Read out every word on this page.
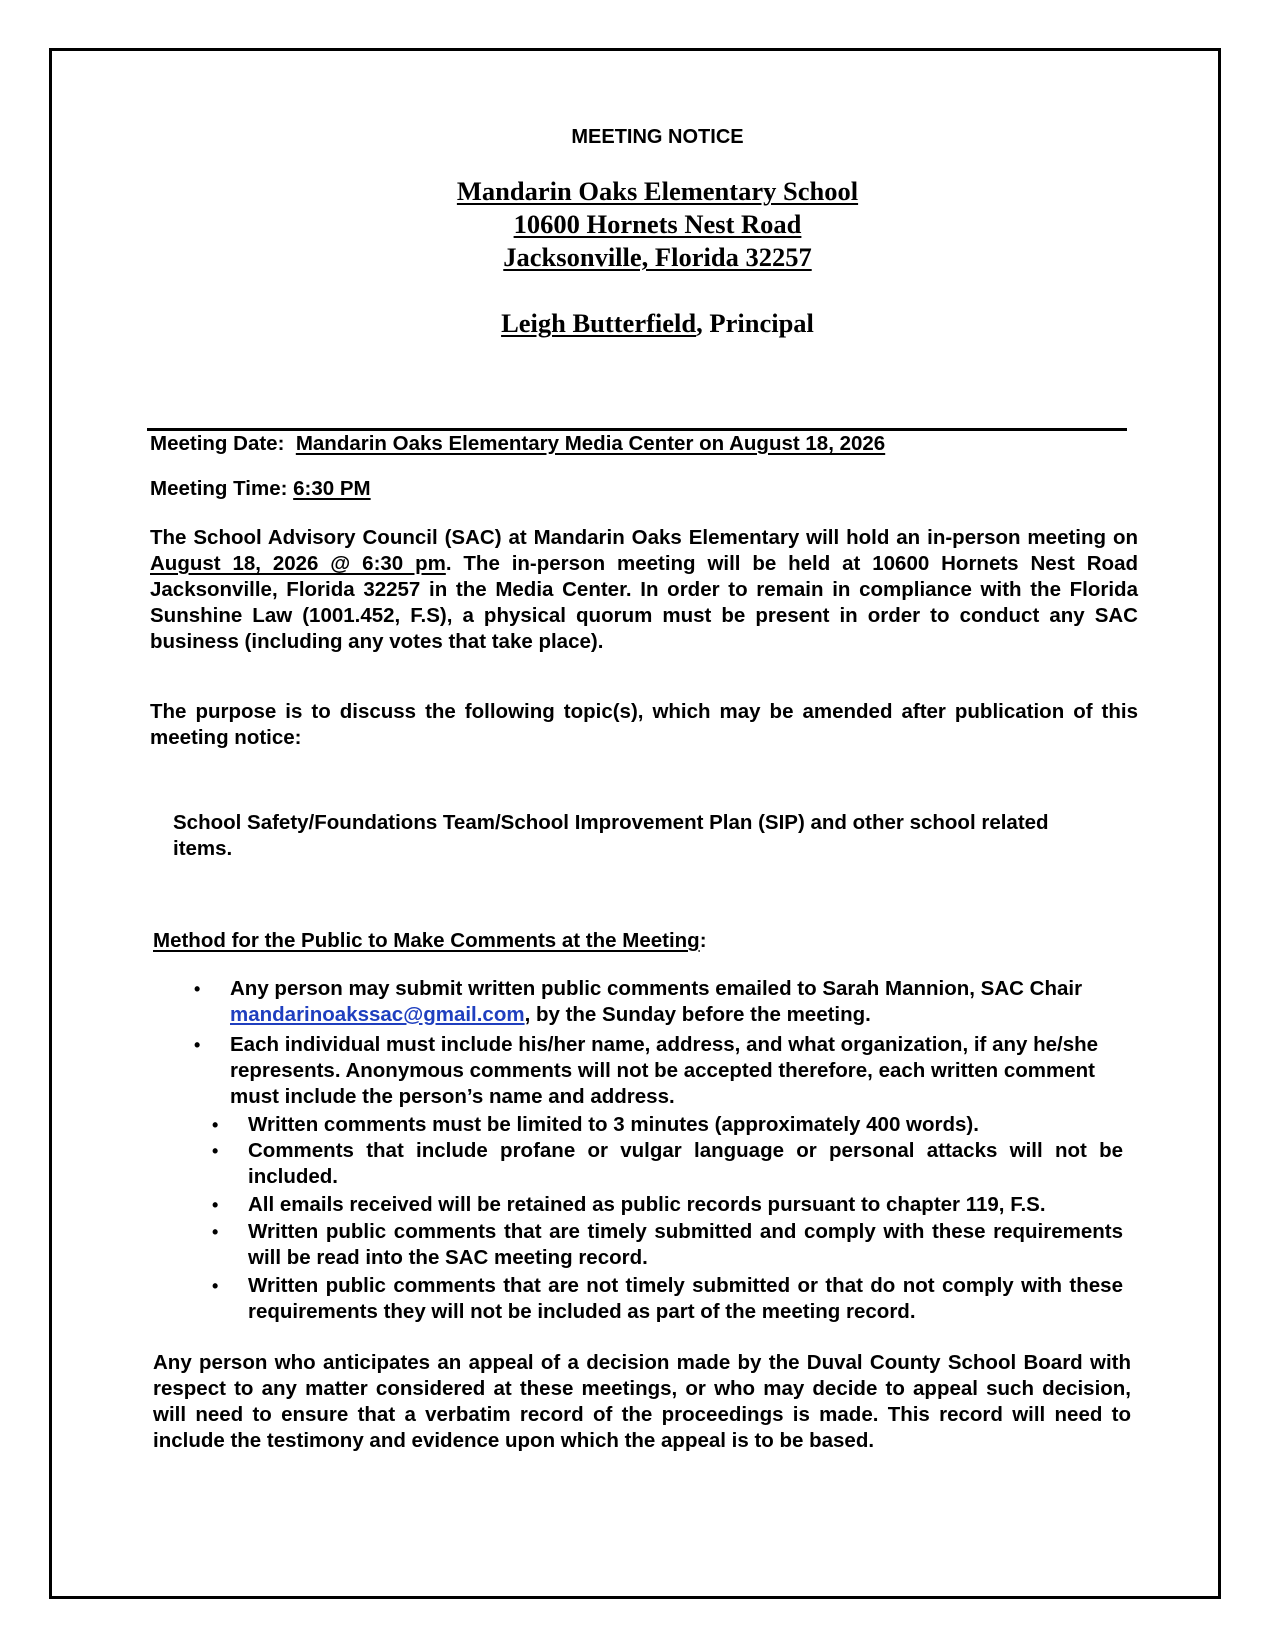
MEETING NOTICE
Mandarin Oaks Elementary School
10600 Hornets Nest Road
Jacksonville, Florida 32257
Leigh Butterfield, Principal
Meeting Date: Mandarin Oaks Elementary Media Center on August 18, 2026
Meeting Time: 6:30 PM
The School Advisory Council (SAC) at Mandarin Oaks Elementary will hold an in-person meeting on August 18, 2026 @ 6:30 pm. The in-person meeting will be held at 10600 Hornets Nest Road Jacksonville, Florida 32257 in the Media Center. In order to remain in compliance with the Florida Sunshine Law (1001.452, F.S), a physical quorum must be present in order to conduct any SAC business (including any votes that take place).
The purpose is to discuss the following topic(s), which may be amended after publication of this meeting notice:
School Safety/Foundations Team/School Improvement Plan (SIP) and other school related items.
Method for the Public to Make Comments at the Meeting:
• Any person may submit written public comments emailed to Sarah Mannion, SAC Chair mandarinoakssac@gmail.com, by the Sunday before the meeting.
• Each individual must include his/her name, address, and what organization, if any he/she represents. Anonymous comments will not be accepted therefore, each written comment must include the person’s name and address.
• Written comments must be limited to 3 minutes (approximately 400 words).
• Comments that include profane or vulgar language or personal attacks will not be included.
• All emails received will be retained as public records pursuant to chapter 119, F.S.
• Written public comments that are timely submitted and comply with these requirements will be read into the SAC meeting record.
• Written public comments that are not timely submitted or that do not comply with these requirements they will not be included as part of the meeting record.
Any person who anticipates an appeal of a decision made by the Duval County School Board with respect to any matter considered at these meetings, or who may decide to appeal such decision, will need to ensure that a verbatim record of the proceedings is made. This record will need to include the testimony and evidence upon which the appeal is to be based.
